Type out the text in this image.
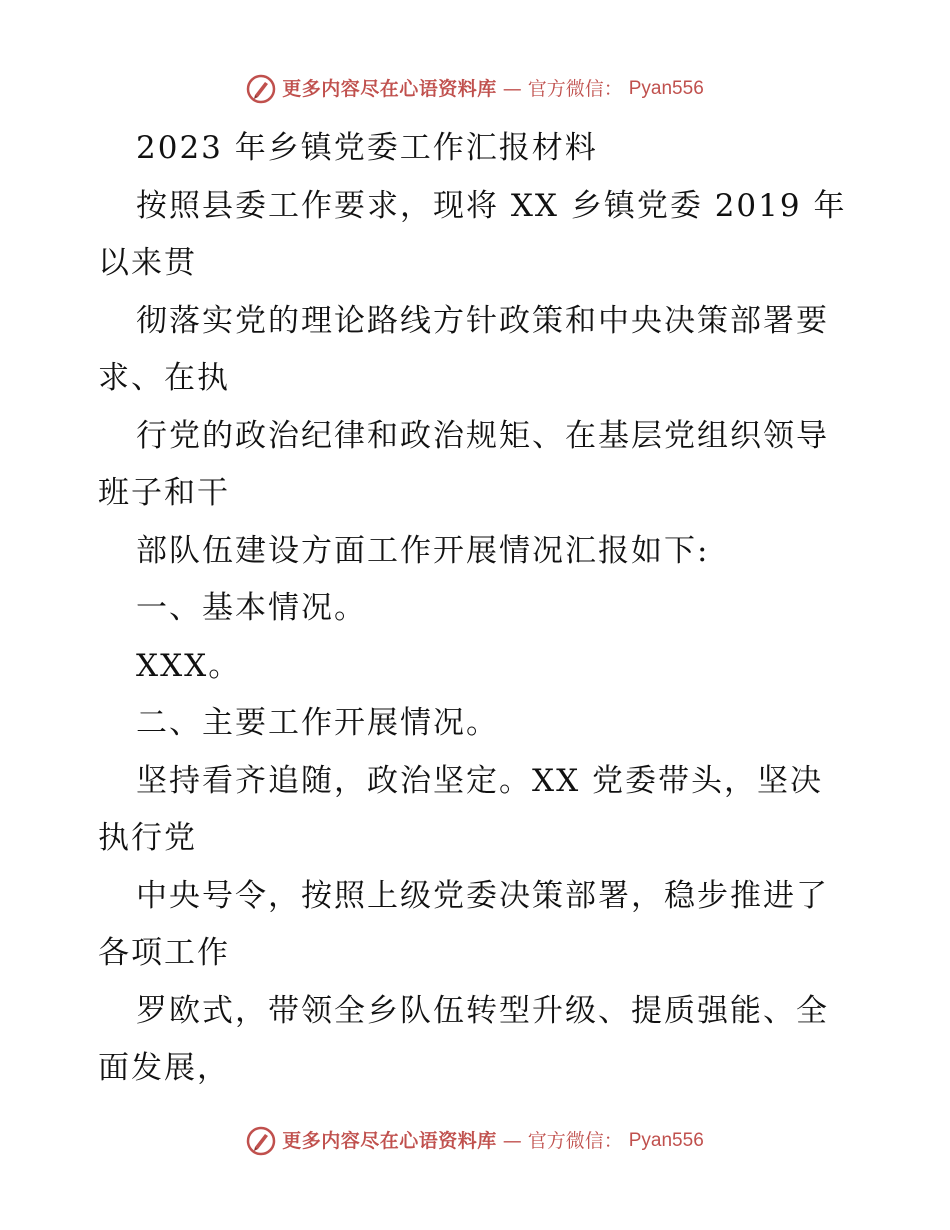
更多内容尽在心语资料库 — 官方微信： Pyan556
2023 年乡镇党委工作汇报材料
按照县委工作要求，现将 XX 乡镇党委 2019 年
以来贯
彻落实党的理论路线方针政策和中央决策部署要
求、在执
行党的政治纪律和政治规矩、在基层党组织领导
班子和干
部队伍建设方面工作开展情况汇报如下:
一、基本情况。
XXX。
二、主要工作开展情况。
坚持看齐追随，政治坚定。XX 党委带头，坚决
执行党
中央号令，按照上级党委决策部署，稳步推进了
各项工作
罗欧式，带领全乡队伍转型升级、提质强能、全
面发展，
更多内容尽在心语资料库 — 官方微信： Pyan556
